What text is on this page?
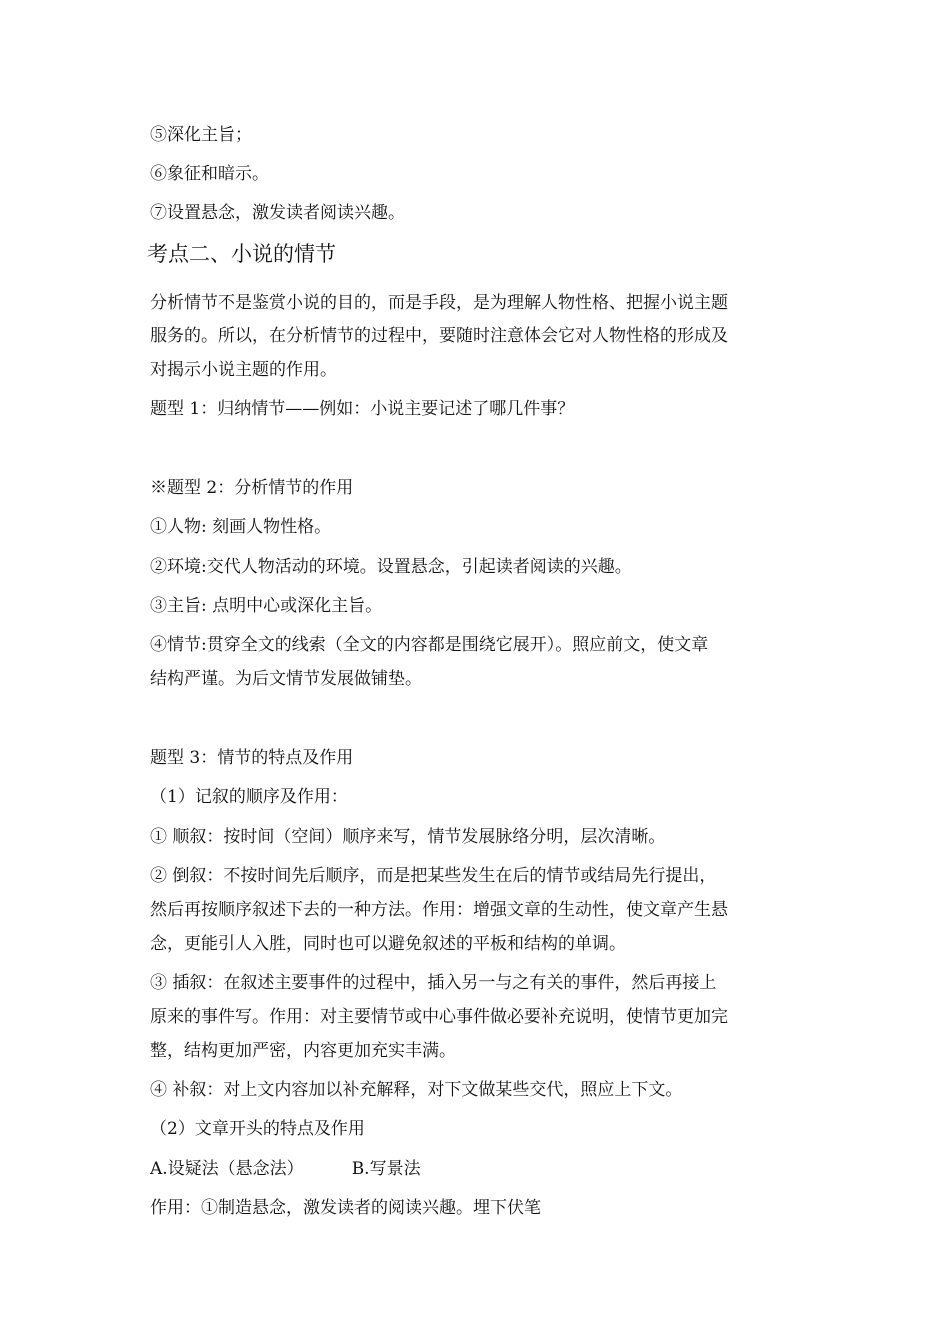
⑤深化主旨；
⑥象征和暗示。
⑦设置悬念，激发读者阅读兴趣。
考点二、小说的情节
分析情节不是鉴赏小说的目的，而是手段，是为理解人物性格、把握小说主题
服务的。所以，在分析情节的过程中，要随时注意体会它对人物性格的形成及
对揭示小说主题的作用。
题型 1：归纳情节——例如：小说主要记述了哪几件事？
※题型 2：分析情节的作用
①人物: 刻画人物性格。
②环境:交代人物活动的环境。设置悬念，引起读者阅读的兴趣。
③主旨: 点明中心或深化主旨。
④情节:贯穿全文的线索（全文的内容都是围绕它展开）。照应前文，使文章
结构严谨。为后文情节发展做铺垫。
题型 3：情节的特点及作用
（1）记叙的顺序及作用：
① 顺叙：按时间（空间）顺序来写，情节发展脉络分明，层次清晰。
② 倒叙：不按时间先后顺序，而是把某些发生在后的情节或结局先行提出，
然后再按顺序叙述下去的一种方法。作用：增强文章的生动性，使文章产生悬
念，更能引人入胜，同时也可以避免叙述的平板和结构的单调。
③ 插叙：在叙述主要事件的过程中，插入另一与之有关的事件，然后再接上
原来的事件写。作用：对主要情节或中心事件做必要补充说明，使情节更加完
整，结构更加严密，内容更加充实丰满。
④ 补叙：对上文内容加以补充解释，对下文做某些交代，照应上下文。
（2）文章开头的特点及作用
A.设疑法（悬念法）	B.写景法
作用：①制造悬念，激发读者的阅读兴趣。埋下伏笔
